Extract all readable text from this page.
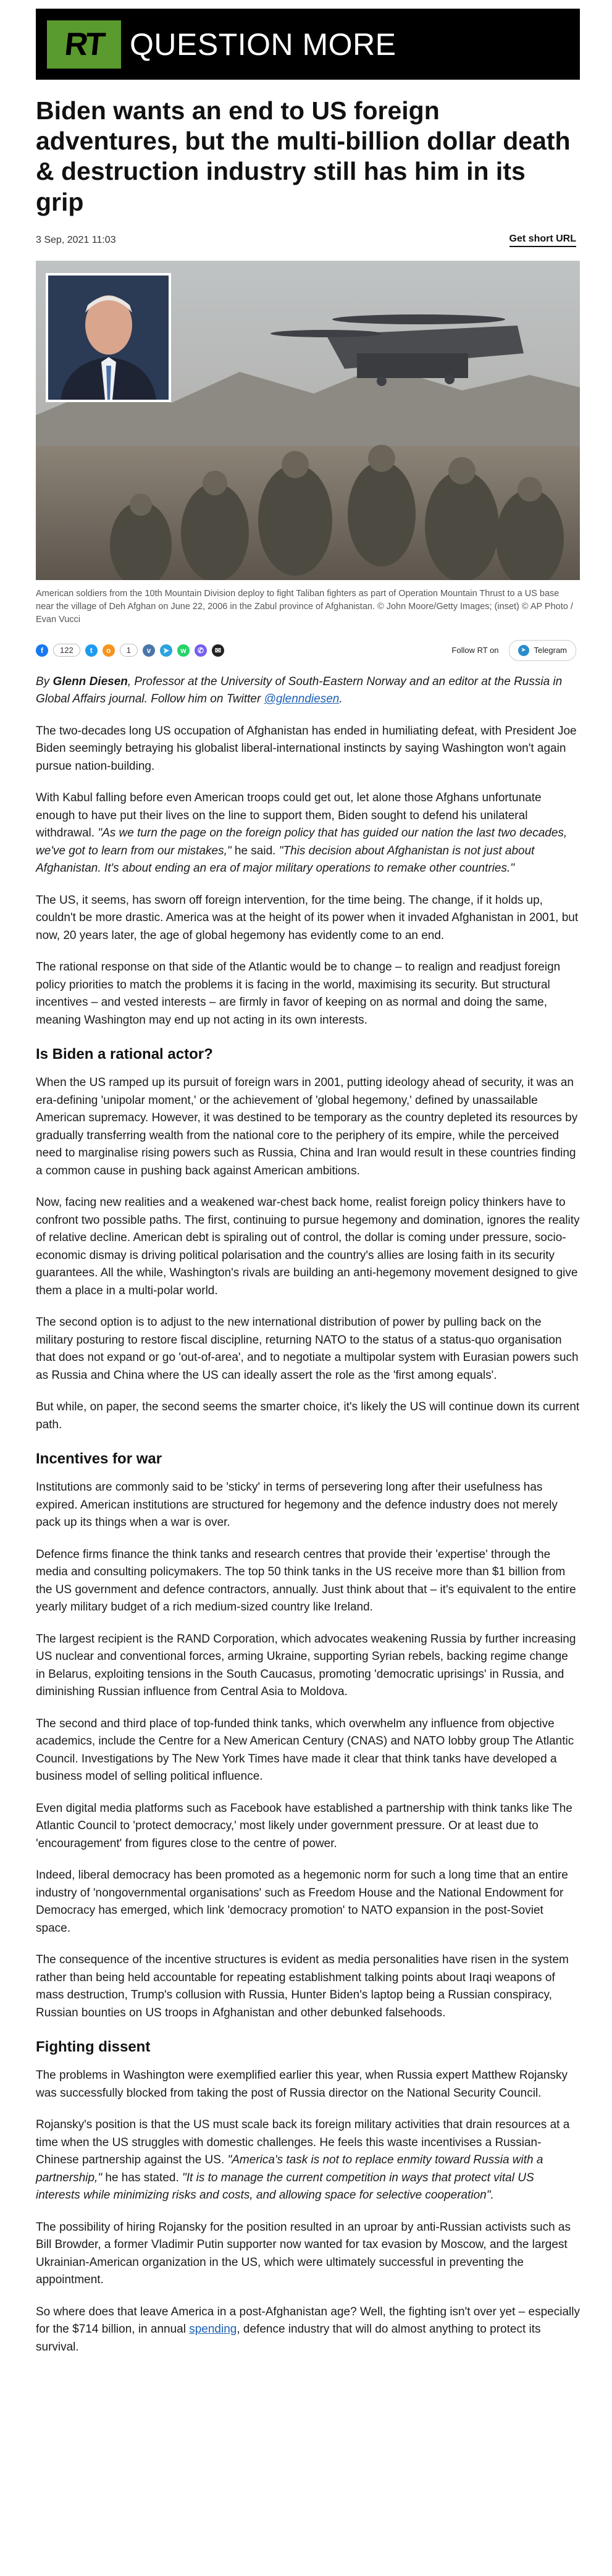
RT QUESTION MORE
Biden wants an end to US foreign adventures, but the multi-billion dollar death & destruction industry still has him in its grip
3 Sep, 2021 11:03	Get short URL

American soldiers from the 10th Mountain Division deploy to fight Taliban fighters as part of Operation Mountain Thrust to a US base near the village of Deh Afghan on June 22, 2006 in the Zabul province of Afghanistan. © John Moore/Getty Images; (inset) © AP Photo / Evan Vucci

f	122	t	o	1	v	➤	w	✆	✉	Follow RT on	➤ Telegram

By Glenn Diesen, Professor at the University of South-Eastern Norway and an editor at the Russia in Global Affairs journal. Follow him on Twitter @glenndiesen.

The two-decades long US occupation of Afghanistan has ended in humiliating defeat, with President Joe Biden seemingly betraying his globalist liberal-international instincts by saying Washington won't again pursue nation-building.

With Kabul falling before even American troops could get out, let alone those Afghans unfortunate enough to have put their lives on the line to support them, Biden sought to defend his unilateral withdrawal. "As we turn the page on the foreign policy that has guided our nation the last two decades, we've got to learn from our mistakes," he said. "This decision about Afghanistan is not just about Afghanistan. It's about ending an era of major military operations to remake other countries."

The US, it seems, has sworn off foreign intervention, for the time being. The change, if it holds up, couldn't be more drastic. America was at the height of its power when it invaded Afghanistan in 2001, but now, 20 years later, the age of global hegemony has evidently come to an end.

The rational response on that side of the Atlantic would be to change – to realign and readjust foreign policy priorities to match the problems it is facing in the world, maximising its security. But structural incentives – and vested interests – are firmly in favor of keeping on as normal and doing the same, meaning Washington may end up not acting in its own interests.

Is Biden a rational actor?

When the US ramped up its pursuit of foreign wars in 2001, putting ideology ahead of security, it was an era-defining 'unipolar moment,' or the achievement of 'global hegemony,' defined by unassailable American supremacy. However, it was destined to be temporary as the country depleted its resources by gradually transferring wealth from the national core to the periphery of its empire, while the perceived need to marginalise rising powers such as Russia, China and Iran would result in these countries finding a common cause in pushing back against American ambitions.

Now, facing new realities and a weakened war-chest back home, realist foreign policy thinkers have to confront two possible paths. The first, continuing to pursue hegemony and domination, ignores the reality of relative decline. American debt is spiraling out of control, the dollar is coming under pressure, socio-economic dismay is driving political polarisation and the country's allies are losing faith in its security guarantees. All the while, Washington's rivals are building an anti-hegemony movement designed to give them a place in a multi-polar world.

The second option is to adjust to the new international distribution of power by pulling back on the military posturing to restore fiscal discipline, returning NATO to the status of a status-quo organisation that does not expand or go 'out-of-area', and to negotiate a multipolar system with Eurasian powers such as Russia and China where the US can ideally assert the role as the 'first among equals'.

But while, on paper, the second seems the smarter choice, it's likely the US will continue down its current path.

Incentives for war

Institutions are commonly said to be 'sticky' in terms of persevering long after their usefulness has expired. American institutions are structured for hegemony and the defence industry does not merely pack up its things when a war is over.

Defence firms finance the think tanks and research centres that provide their 'expertise' through the media and consulting policymakers. The top 50 think tanks in the US receive more than $1 billion from the US government and defence contractors, annually. Just think about that – it's equivalent to the entire yearly military budget of a rich medium-sized country like Ireland.

The largest recipient is the RAND Corporation, which advocates weakening Russia by further increasing US nuclear and conventional forces, arming Ukraine, supporting Syrian rebels, backing regime change in Belarus, exploiting tensions in the South Caucasus, promoting 'democratic uprisings' in Russia, and diminishing Russian influence from Central Asia to Moldova.

The second and third place of top-funded think tanks, which overwhelm any influence from objective academics, include the Centre for a New American Century (CNAS) and NATO lobby group The Atlantic Council. Investigations by The New York Times have made it clear that think tanks have developed a business model of selling political influence.

Even digital media platforms such as Facebook have established a partnership with think tanks like The Atlantic Council to 'protect democracy,' most likely under government pressure. Or at least due to 'encouragement' from figures close to the centre of power.

Indeed, liberal democracy has been promoted as a hegemonic norm for such a long time that an entire industry of 'nongovernmental organisations' such as Freedom House and the National Endowment for Democracy has emerged, which link 'democracy promotion' to NATO expansion in the post-Soviet space.

The consequence of the incentive structures is evident as media personalities have risen in the system rather than being held accountable for repeating establishment talking points about Iraqi weapons of mass destruction, Trump's collusion with Russia, Hunter Biden's laptop being a Russian conspiracy, Russian bounties on US troops in Afghanistan and other debunked falsehoods.

Fighting dissent

The problems in Washington were exemplified earlier this year, when Russia expert Matthew Rojansky was successfully blocked from taking the post of Russia director on the National Security Council.

Rojansky's position is that the US must scale back its foreign military activities that drain resources at a time when the US struggles with domestic challenges. He feels this waste incentivises a Russian-Chinese partnership against the US. "America's task is not to replace enmity toward Russia with a partnership," he has stated. "It is to manage the current competition in ways that protect vital US interests while minimizing risks and costs, and allowing space for selective cooperation".

The possibility of hiring Rojansky for the position resulted in an uproar by anti-Russian activists such as Bill Browder, a former Vladimir Putin supporter now wanted for tax evasion by Moscow, and the largest Ukrainian-American organization in the US, which were ultimately successful in preventing the appointment.

So where does that leave America in a post-Afghanistan age? Well, the fighting isn't over yet – especially for the $714 billion, in annual spending, defence industry that will do almost anything to protect its survival.
